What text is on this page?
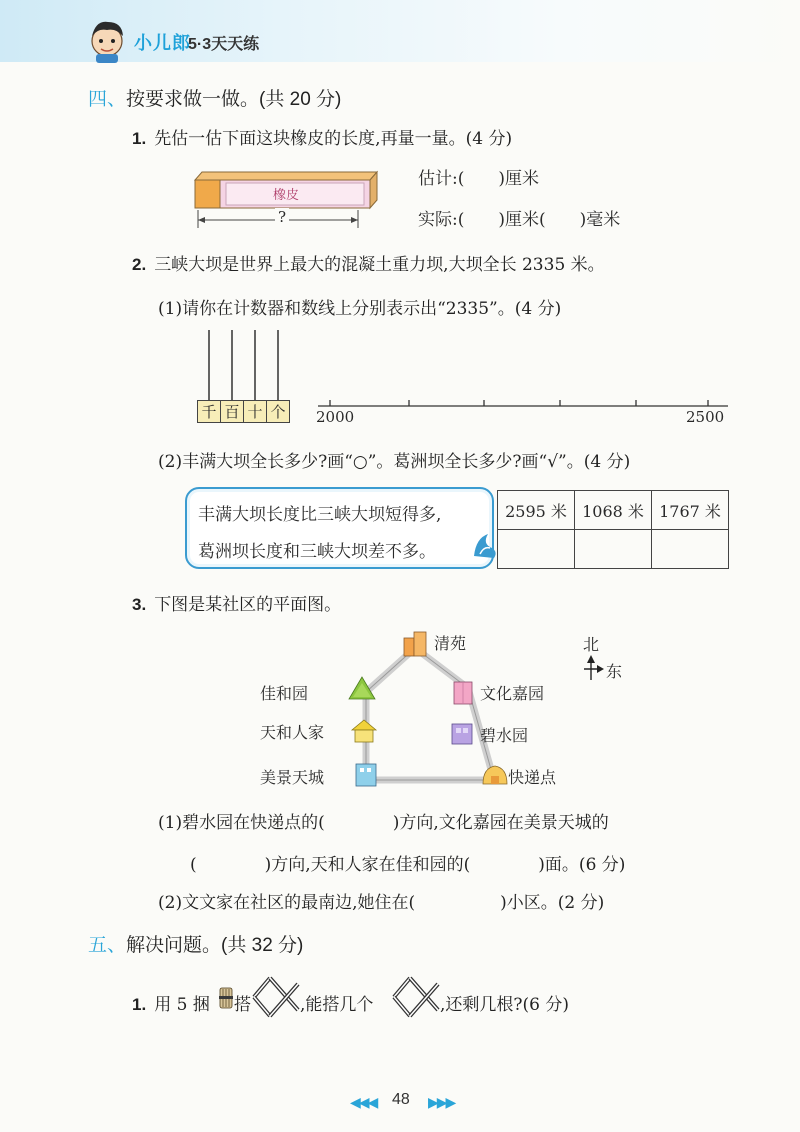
小儿郎
5·3天天练
四、按要求做一做。(共 20 分)
1. 先估一估下面这块橡皮的长度,再量一量。(4 分)
橡皮
?
估计:(　　)厘米
实际:(　　)厘米(　　)毫米
2. 三峡大坝是世界上最大的混凝土重力坝,大坝全长 2335 米。
(1)请你在计数器和数线上分别表示出“2335”。(4 分)
千 百 十 个 2000	2500
(2)丰满大坝全长多少?画“○”。葛洲坝全长多少?画“√”。(4 分)
丰满大坝长度比三峡大坝短得多,
葛洲坝长度和三峡大坝差不多。
2595 米	1068 米	1767 米

3. 下图是某社区的平面图。
清苑
佳和园	文化嘉园
天和人家	碧水园
美景天城	快递点
北
东
(1)碧水园在快递点的(　　　　)方向,文化嘉园在美景天城的
(　　　　)方向,天和人家在佳和园的(　　　　)面。(6 分)
(2)文文家在社区的最南边,她住在(　　　　　)小区。(2 分)
五、解决问题。(共 32 分)
1. 用 5 捆 搭	,能搭几个	,还剩几根?(6 分)
◀◀◀ 48 ▶▶▶
